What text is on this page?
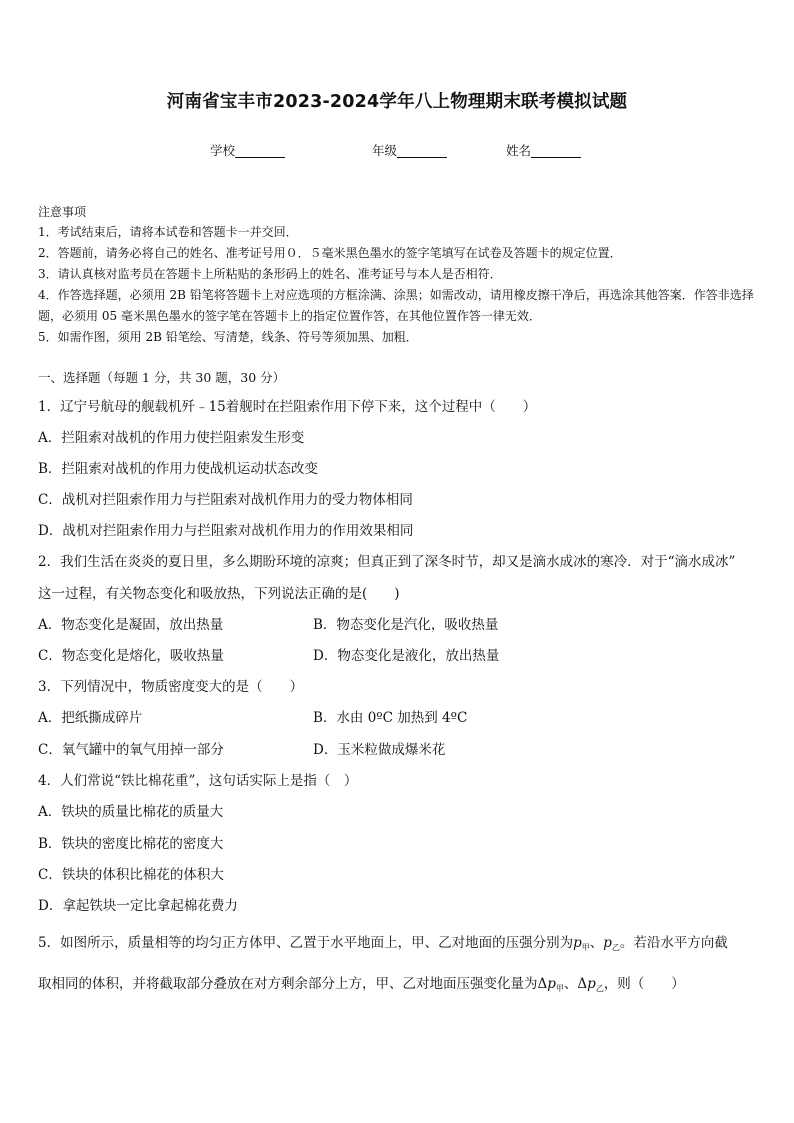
河南省宝丰市2023-2024学年八上物理期末联考模拟试题
学校	年级	姓名
注意事项
1．考试结束后，请将本试卷和答题卡一并交回．
2．答题前，请务必将自己的姓名、准考证号用０．５毫米黑色墨水的签字笔填写在试卷及答题卡的规定位置．
3．请认真核对监考员在答题卡上所粘贴的条形码上的姓名、准考证号与本人是否相符．
4．作答选择题，必须用 2B 铅笔将答题卡上对应选项的方框涂满、涂黑；如需改动，请用橡皮擦干净后，再选涂其他答案．作答非选择题，必须用 05 毫米黑色墨水的签字笔在答题卡上的指定位置作答，在其他位置作答一律无效．
5．如需作图，须用 2B 铅笔绘、写清楚，线条、符号等须加黑、加粗．
一、选择题（每题 1 分，共 30 题，30 分）
1．辽宁号航母的舰载机歼﹣15着舰时在拦阻索作用下停下来，这个过程中（　　）
A．拦阻索对战机的作用力使拦阻索发生形变
B．拦阻索对战机的作用力使战机运动状态改变
C．战机对拦阻索作用力与拦阻索对战机作用力的受力物体相同
D．战机对拦阻索作用力与拦阻索对战机作用力的作用效果相同
2．我们生活在炎炎的夏日里，多么期盼环境的凉爽；但真正到了深冬时节，却又是滴水成冰的寒冷．对于“滴水成冰”
这一过程，有关物态变化和吸放热，下列说法正确的是(　　)
A．物态变化是凝固，放出热量	B．物态变化是汽化，吸收热量
C．物态变化是熔化，吸收热量	D．物态变化是液化，放出热量
3．下列情况中，物质密度变大的是（　　）
A．把纸撕成碎片	B．水由 0ºC 加热到 4ºC
C．氧气罐中的氧气用掉一部分	D．玉米粒做成爆米花
4．人们常说“铁比棉花重”，这句话实际上是指（　）
A．铁块的质量比棉花的质量大
B．铁块的密度比棉花的密度大
C．铁块的体积比棉花的体积大
D．拿起铁块一定比拿起棉花费力
5．如图所示，质量相等的均匀正方体甲、乙置于水平地面上，甲、乙对地面的压强分别为$p_甲$、$p_乙$。若沿水平方向截
取相同的体积，并将截取部分叠放在对方剩余部分上方，甲、乙对地面压强变化量为$\Delta p_甲$、$\Delta p_乙$，则（　　）
